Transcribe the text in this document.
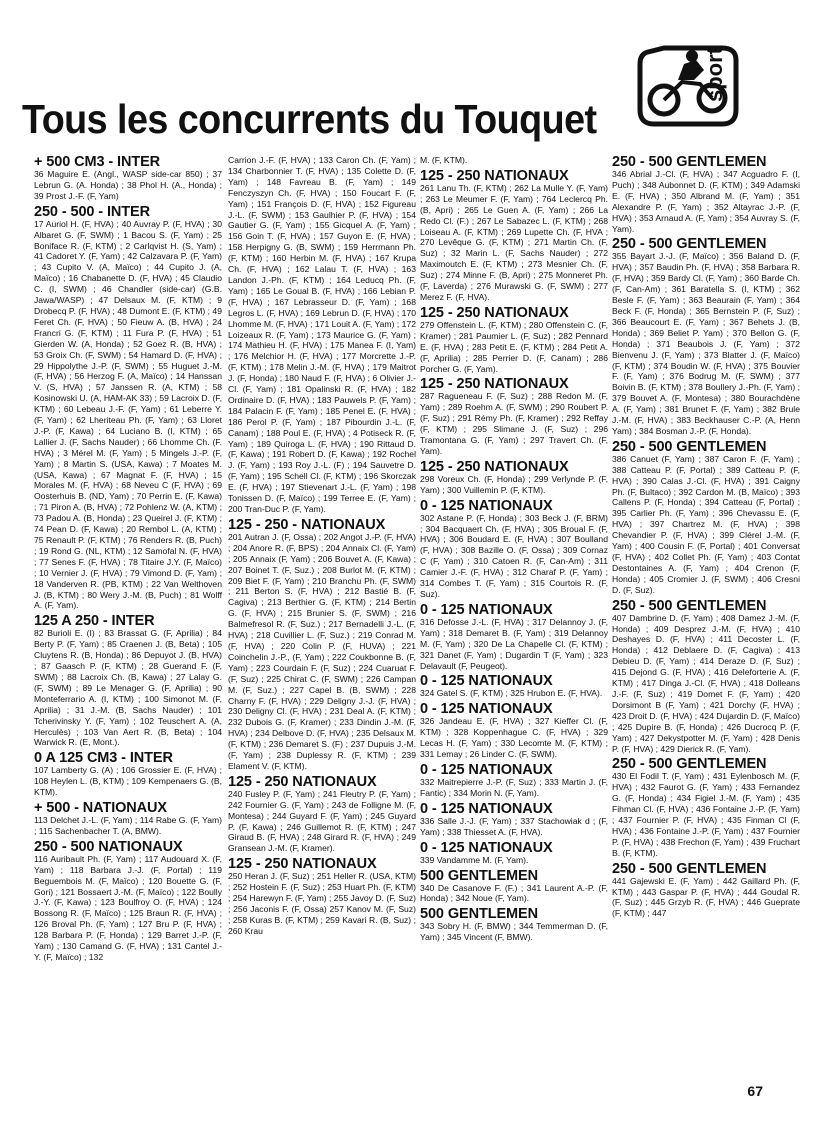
Tous les concurrents du Touquet
sport
+ 500 CM3 - INTER
36 Maguire E. (Angl., WASP side-car 850) ; 37 Lebrun G. (A. Honda) ; 38 Phol H. (A., Honda) ; 39 Prost J.-F. (F, Yam)
250 - 500 - INTER
17 Auriol H. (F, HVA) ; 40 Auvray P. (F, HVA) ; 30 Albaret G. (F, SWM) ; 1 Bacou S. (F, Yam) ; 25 Boniface R. (F, KTM) ; 2 Carlqvist H. (S, Yam) ; 41 Cadoret Y. (F, Yam) ; 42 Calzavara P. (F, Yam) ; 43 Cupito V. (A, Maïco) ; 44 Cupito J. (A, Maïco) ; 16 Chabanette D. (F, HVA) ; 45 Claudio C. (I, SWM) ; 46 Chandler (side-car) (G.B. Jawa/WASP) ; 47 Delsaux M. (F, KTM) ; 9 Drobecq P. (F, HVA) ; 48 Dumont E. (F, KTM) ; 49 Feret Ch. (F, HVA) ; 50 Fieuw A. (B, HVA) ; 24 Francri G. (F, KTM) ; 11 Fura P. (F, HVA) ; 51 Gierden W. (A, Honda) ; 52 Goez R. (B, HVA) ; 53 Groix Ch. (F, SWM) ; 54 Hamard D. (F, HVA) ; 29 Hippolythe J.-P. (F, SWM) ; 55 Huguet J.-M. (F, HVA) ; 56 Herzog F. (A, Maïco) ; 14 Hanssan V. (S, HVA) ; 57 Janssen R. (A, KTM) ; 58 Kosinowski U. (A, HAM-AK 33) ; 59 Lacroix D. (F, KTM) ; 60 Lebeau J.-F. (F, Yam) ; 61 Leberre Y. (F, Yam) ; 62 Lheriteau Ph. (F, Yam) ; 63 Lloret J.-P. (F, Kawa) ; 64 Luciano B. (I, KTM) ; 65 Lallier J. (F, Sachs Nauder) ; 66 Lhomme Ch. (F. HVA) ; 3 Mérel M. (F, Yam) ; 5 Mingels J.-P. (F, Yam) ; 8 Martin S. (USA, Kawa) ; 7 Moates M. (USA, Kawa) ; 67 Magnat F. (F, HVA) ; 15 Morales M. (F, HVA) ; 68 Neveu C (F, HVA) ; 69 Oosterhuis B. (ND, Yam) ; 70 Perrin E. (F, Kawa) ; 71 Piron A. (B, HVA) ; 72 Pohlenz W. (A, KTM) ; 73 Padou A. (B, Honda) ; 23 Queirel J. (F, KTM) ; 74 Pean D. (F, Kawa) ; 20 Rembol L. (A, KTM) ; 75 Renault P. (F, KTM) ; 76 Renders R. (B, Puch) ; 19 Rond G. (NL, KTM) ; 12 Samofal N. (F, HVA) ; 77 Senes F. (F, HVA) ; 78 Titaire J.Y. (F, Maïco) ; 10 Vernier J. (F, HVA) ; 79 Vimond D. (F, Yam) ; 18 Vanderven R. (PB, KTM) ; 22 Van Welthoven J. (B, KTM) ; 80 Wery J.-M. (B, Puch) ; 81 Wolff A. (F, Yam).
125 A 250 - INTER
82 Burioli E. (I) ; 83 Brassat G. (F, Aprilia) ; 84 Berty P. (F, Yam) ; 85 Craenen J. (B, Beta) ; 105 Cluytens R. (B, Honda) ; 86 Depuyot J. (B, HVA) ; 87 Gaasch P. (F, KTM) ; 28 Guerand F. (F, SWM) ; 88 Lacroix Ch. (B, Kawa) ; 27 Lalay G. (F, SWM) ; 89 Le Menager G. (F, Aprilia) ; 90 Monteferrario A. (I, KTM) ; 100 Simonot M. (F, Aprilia) ; 31 J.-M. (B, Sachs Nauder) ; 101 Tcherivinsky Y. (F, Yam) ; 102 Teuschert A. (A, Herculès) ; 103 Van Aert R. (B, Beta) ; 104 Warwick R. (E, Mont.).
0 A 125 CM3 - INTER
107 Lamberty G. (A) ; 106 Grossier E. (F, HVA) ; 108 Heylen L. (B, KTM) ; 109 Kempenaers G. (B, KTM).
+ 500 - NATIONAUX
113 Delchet J.-L. (F, Yam) ; 114 Rabe G. (F, Yam) ; 115 Sachenbacher T. (A, BMW).
250 - 500 NATIONAUX
116 Auribault Ph. (F, Yam) ; 117 Audouard X. (F, Yam) ; 118 Barbara J.-J. (F, Portal) ; 119 Beguembois M. (F, Maïco) ; 120 Bouette G. (F, Gori) ; 121 Bossaert J.-M. (F, Maïco) ; 122 Boully J.-Y. (F, Kawa) ; 123 Boulfroy O. (F, HVA) ; 124 Bossong R. (F, Maïco) ; 125 Braun R. (F, HVA) ; 126 Broval Ph. (F, Yam) ; 127 Bru P. (F, HVA) ; 128 Barbara P. (F, Honda) ; 129 Barret J.-P. (F, Yam) ; 130 Camand G. (F, HVA) ; 131 Cantel J.-Y. (F, Maïco) ; 132
Carrion J.-F. (F, HVA) ; 133 Caron Ch. (F, Yam) ; 134 Charbonnier T. (F, HVA) ; 135 Colette D. (F, Yam) ; 148 Favreau B. (F, Yam) ; 149 Fenczyszyn Ch. (F, HVA) ; 150 Foucart F. (F, Yam) ; 151 François D. (F, HVA) ; 152 Figureau J.-L. (F, SWM) ; 153 Gaulhier P. (F, HVA) ; 154 Gautier G. (F, Yam) ; 155 Gicquel A. (F, Yam) ; 156 Goin T. (F, HVA) ; 157 Guyon E. (F, HVA) ; 158 Herpigny G. (B, SWM) ; 159 Herrmann Ph. (F, KTM) ; 160 Herbin M. (F, HVA) ; 167 Krupa Ch. (F, HVA) ; 162 Lalau T. (F, HVA) ; 163 Landon J.-Ph. (F, KTM) ; 164 Leducq Ph. (F, Yam) ; 165 Le Goual B. (F, HVA) ; 166 Lebian P. (F, HVA) ; 167 Lebrasseur D. (F, Yam) ; 168 Legros L. (F, HVA) ; 169 Lebrun D. (F, HVA) ; 170 Lhomme M. (F, HVA) ; 171 Louit A. (F, Yam) ; 172 Loizeaux R. (F, Yam) ; 173 Maurice G. (F, Yam) ; 174 Mathieu H. (F, HVA) ; 175 Manea F. (I, Yam) ; 176 Melchior H. (F, HVA) ; 177 Morcrette J.-P. (F, KTM) ; 178 Melin J.-M. (F, HVA) ; 179 Maitrot J. (F, Honda) ; 180 Naud F. (F, HVA) ; 6 Olivier J.-Cl. (F, Yam) ; 181 Opalinski R. (F, HVA) ; 182 Ordinaire D. (F, HVA) ; 183 Pauwels P. (F, Yam) ; 184 Palacin F. (F, Yam) ; 185 Penel E. (F, HVA) ; 186 Perol P. (F, Yam) ; 187 Pibourdin J.-L. (F, Canam) ; 188 Poul E. (F, HVA) ; 4 Potiseck R. (F, Yam) ; 189 Quiroga L. (F, HVA) ; 190 Rittaud D. (F, Kawa) ; 191 Robert D. (F, Kawa) ; 192 Rochel J. (F, Yam) ; 193 Roy J.-L. (F) ; 194 Sauvetre D. (F, Yam) ; 195 Schell Cl. (F, KTM) ; 196 Skorczak E. (F, HVA) ; 197 Stievenart J.-L. (F, Yam) ; 198 Tonissen D. (F, Maïco) ; 199 Terree E. (F, Yam) ; 200 Tran-Duc P. (F, Yam).
125 - 250 - NATIONAUX
201 Autran J. (F, Ossa) ; 202 Angot J.-P. (F, HVA) ; 204 Anore R. (F, BPS) ; 204 Annaix Cl. (F, Yam) ; 205 Annaix (F, Yam) ; 206 Bouvet A. (F, Kawa) ; 207 Boinet T. (F, Suz.) ; 208 Burlot M. (F, KTM) ; 209 Biet F. (F, Yam) ; 210 Branchu Ph. (F, SWM) ; 211 Berton S. (F, HVA) ; 212 Bastié B. (F, Cagiva) ; 213 Berthier G. (F, KTM) ; 214 Bertin G. (F, HVA) ; 215 Brunier S. (F, SWM) ; 216 Balmefresol R. (F, Suz.) ; 217 Bernadelli J.-L. (F, HVA) ; 218 Cuvillier L. (F, Suz.) ; 219 Conrad M. (F, HVA) ; 220 Colin P. (F, HUVA) ; 221 Coinchelin J.-P., (F, Yam) ; 222 Coukbonne B. (F, Yam) ; 223 Courdain F. (F, Suz) ; 224 Cuaruat F. (F, Suz) ; 225 Chirat C. (F, SWM) ; 226 Campan M. (F, Suz.) ; 227 Capel B. (B, SWM) ; 228 Charny F. (F, HVA) ; 229 Deligny J.-J. (F, HVA) ; 230 Deligny Cl. (F, HVA) ; 231 Deal A. (F, KTM) ; 232 Dubois G. (F, Kramer) ; 233 Dindin J.-M. (F, HVA) ; 234 Delbove D. (F, HVA) ; 235 Delsaux M. (F, KTM) ; 236 Demaret S. (F) ; 237 Dupuis J.-M. (F, Yam) ; 238 Duplessy R. (F, KTM) ; 239 Elament V. (F, KTM).
125 - 250 NATIONAUX
240 Fusley P. (F, Yam) ; 241 Fleutry P. (F, Yam) ; 242 Fournier G. (F, Yam) ; 243 de Folligne M. (F, Montesa) ; 244 Guyard F. (F, Yam) ; 245 Guyard P. (F, Kawa) ; 246 Guillemot R. (F, KTM) ; 247 Giraud B. (F, HVA) ; 248 Girard R. (F, HVA) ; 249 Gransean J.-M. (F, Kramer).
125 - 250 NATIONAUX
250 Heran J. (F, Suz) ; 251 Heller R. (USA, KTM) ; 252 Hostein F. (F, Suz) ; 253 Huart Ph. (F, KTM) ; 254 Harewyn F. (F, Yam) ; 255 Javoy D. (F, Suz) ; 256 Jaconis F. (F, Ossa) 257 Kanov M. (F, Suz) ; 258 Kuras B. (F, KTM) ; 259 Kavari R. (B, Suz) ; 260 Krau
M. (F, KTM).
125 - 250 NATIONAUX
261 Lanu Th. (F, KTM) ; 262 La Mulle Y. (F, Yam) ; 263 Le Meumer F. (F, Yam) ; 764 Leclercq Ph. (B, Apri) ; 265 Le Guen A. (F, Yam) ; 266 La Redo Cl. (F.) ; 267 Le Sabazec L. (F, KTM) ; 268 Loiseau A. (F, KTM) ; 269 Lupette Ch. (F, HVA ; 270 Levêque G. (F, KTM) ; 271 Martin Ch. (F, Suz) ; 32 Marin L. (F, Sachs Nauder) ; 272 Maximoutch E. (F, KTM) ; 273 Mesnier Ch. (F, Suz) ; 274 Minne F. (B, Apri) ; 275 Monneret Ph. (F, Laverda) ; 276 Murawski G. (F, SWM) ; 277 Merez F. (F, HVA).
125 - 250 NATIONAUX
279 Offenstein L. (F, KTM) ; 280 Offenstein C. (F, Kramer) ; 281 Paumier L. (F, Suz) ; 282 Pennard E. (F, HVA) ; 283 Petit E. (F, KTM) ; 284 Petit A. (F, Aprilia) ; 285 Perrier D. (F, Canam) ; 286 Porcher G. (F, Yam).
125 - 250 NATIONAUX
287 Ragueneau F. (F, Suz) ; 288 Redon M. (F, Yam) ; 289 Roehm A. (F, SWM) ; 290 Roubert P. (F, Suz) ; 291 Rémy Ph. (F, Kramer) ; 292 Reffay (F, KTM) ; 295 Slimane J. (F, Suz) ; 296 Tramontana G. (F, Yam) ; 297 Travert Ch. (F, Yam).
125 - 250 NATIONAUX
298 Voreux Ch. (F, Honda) ; 299 Verlynde P. (F, Yam) ; 300 Vuillemin P. (F, KTM).
0 - 125 NATIONAUX
302 Astane P. (F, Honda) ; 303 Beck J. (F, BRM) ; 304 Bacquaert Ch. (F, HVA) ; 305 Broual F. (F, HVA) ; 306 Boudard E. (F, HVA) ; 307 Boulland (F, HVA) ; 308 Bazille O. (F, Ossa) ; 309 Cornaz C (F, Yam) ; 310 Catoen R. (F, Can-Am) ; 311 Camier J.-F. (F, HVA) ; 312 Charaf P. (F, Yam) ; 314 Combes T. (F, Yam) ; 315 Courtois R. (F, Suz).
0 - 125 NATIONAUX
316 Defosse J.-L. (F, HVA) ; 317 Delannoy J. (F, Yam) ; 318 Demaret B. (F, Yam) ; 319 Delannoy M. (F, Yam) ; 320 De La Chapelle Cl. (F, KTM) ; 321 Danet (F, Yam) ; Dugardin T (F, Yam) ; 323 Delavault (F, Peugeot).
0 - 125 NATIONAUX
324 Gatel S. (F, KTM) ; 325 Hrubon E. (F, HVA).
0 - 125 NATIONAUX
326 Jandeau E. (F, HVA) ; 327 Kieffer Cl. (F, KTM) ; 328 Koppenhague C. (F, HVA) ; 329 Lecas H. (F, Yam) ; 330 Lecomte M. (F, KTM) ; 331 Lemay ; 26 Linder C. (F, SWM).
0 - 125 NATIONAUX
332 Maitrepierre J.-P. (F, Suz) ; 333 Martin J. (F, Fantic) ; 334 Morin N. (F, Yam).
0 - 125 NATIONAUX
336 Salle J.-J. (F, Yam) ; 337 Stachowiak d ; (F, Yam) ; 338 Thiesset A. (F, HVA).
0 - 125 NATIONAUX
339 Vandamme M. (F, Yam).
500 GENTLEMEN
340 De Casanove F. (F.) ; 341 Laurent A.-P. (F, Honda) ; 342 Noue (F, Yam).
500 GENTLEMEN
343 Sobry H. (F, BMW) ; 344 Temmerman D. (F, Yam) ; 345 Vincent (F, BMW).
250 - 500 GENTLEMEN
346 Abrial J.-Cl. (F, HVA) ; 347 Acguadro F. (I, Puch) ; 348 Aubonnet D. (F, KTM) ; 349 Adamski E. (F, HVA) ; 350 Albrand M. (F, Yam) ; 351 Alexandre P. (F, Yam) ; 352 Altayrac J.-P. (F, HVA) ; 353 Arnaud A. (F, Yam) ; 354 Auvray S. (F, Yam).
250 - 500 GENTLEMEN
355 Bayart J.-J. (F, Maïco) ; 356 Baland D. (F, HVA) ; 357 Baudin Ph. (F, HVA) ; 358 Barbara R. (F, HVA) ; 359 Bardy Cl. (F, Yam) ; 360 Barde Ch. (F, Can-Am) ; 361 Baratella S. (I, KTM) ; 362 Besle F. (F, Yam) ; 363 Beaurain (F, Yam) ; 364 Beck F. (F, Honda) ; 365 Bernstein P. (F, Suz) ; 366 Beaucourt E. (F, Yam) ; 367 Behets J. (B, Honda) ; 369 Beliet P. Yam) ; 370 Bellon G. (F, Honda) ; 371 Beaubois J. (F, Yam) ; 372 Bienvenu J. (F, Yam) ; 373 Blatter J. (F, Maïco) (F, KTM) ; 374 Boudin W. (F, HVA) ; 375 Bouvier F. (F, Yam) ; 376 Bodrug M. (F, SWM) ; 377 Boivin B. (F, KTM) ; 378 Boullery J.-Ph. (F, Yam) ; 379 Bouvet A. (F, Montesa) ; 380 Bourachdène A. (F, Yam) ; 381 Brunet F. (F, Yam) ; 382 Brule J.-M. (F, HVA) ; 383 Beckhauser C.-P. (A, Henn Yam) ; 384 Bosman J.-P. (F, Honda).
250 - 500 GENTLEMEN
386 Canuet (F, Yam) ; 387 Caron F. (F, Yam) ; 388 Catteau P. (F, Portal) ; 389 Catteau P. (F, HVA) ; 390 Calas J.-Cl. (F, HVA) ; 391 Caigny Ph. (F, Bultaco) ; 392 Cardon M. (B, Maïco) ; 393 Callens P. (F, Honda) ; 394 Catteau (F, Portal) ; 395 Carlier Ph. (F, Yam) ; 396 Chevassu E. (F, HVA) ; 397 Chartrez M. (F, HVA) ; 398 Chevandier P. (F, HVA) ; 399 Clérel J.-M. (F, Yam) ; 400 Cousin F. (F, Portal) ; 401 Conversat (F, HVA) ; 402 Collet Ph. (F, Yam) ; 403 Contat Destontaines A. (F, Yam) ; 404 Crenon (F, Honda) ; 405 Cromier J. (F, SWM) ; 406 Cresni D. (F, Suz).
250 - 500 GENTLEMEN
407 Dambrine D. (F, Yam) ; 408 Damez J.-M. (F, Honda) ; 409 Desprez J.-M. (F, HVA) ; 410 Deshayes D. (F, HVA) ; 411 Decoster L. (F, Honda) ; 412 Deblaere D. (F, Cagiva) ; 413 Debieu D. (F, Yam) ; 414 Deraze D. (F, Suz) ; 415 Dejond G. (F, HVA) ; 416 Deleforterie A. (F, KTM) ; 417 Dinga J.-Cl. (F, HVA) ; 418 Dolleans J.-F. (F, Suz) ; 419 Domet F. (F, Yam) ; 420 Dorsimont B (F, Yam) ; 421 Dorchy (F, HVA) ; 423 Droit D. (F, HVA) ; 424 Dujardin D. (F, Maïco) ; 425 Dupire B. (F, Honda) ; 426 Ducrocq P. (F, Yam) ; 427 Dekystpotter M. (F, Yam) ; 428 Denis P. (F, HVA) ; 429 Dierick R. (F, Yam).
250 - 500 GENTLEMEN
430 El Fodil T. (F, Yam) ; 431 Eylenbosch M. (F, HVA) ; 432 Faurot G. (F, Yam) ; 433 Fernandez G. (F, Honda) ; 434 Figiel J.-M. (F, Yam) ; 435 Fihman Cl. (F, HVA) ; 436 Fontaine J.-P. (F, Yam) ; 437 Fournier P. (F, HVA) ; 435 Finman Cl (F, HVA) ; 436 Fontaine J.-P. (F, Yam) ; 437 Fournier P. (F, HVA) ; 438 Frechon (F, Yam) ; 439 Fruchart B. (F, KTM).
250 - 500 GENTLEMEN
441 Gajewski E. (F, Yam) ; 442 Gaillard Ph. (F, KTM) ; 443 Gaspar P. (F, HVA) ; 444 Goudal R. (F, Suz) ; 445 Grzyb R. (F, HVA) ; 446 Gueprate (F, KTM) ; 447
67
